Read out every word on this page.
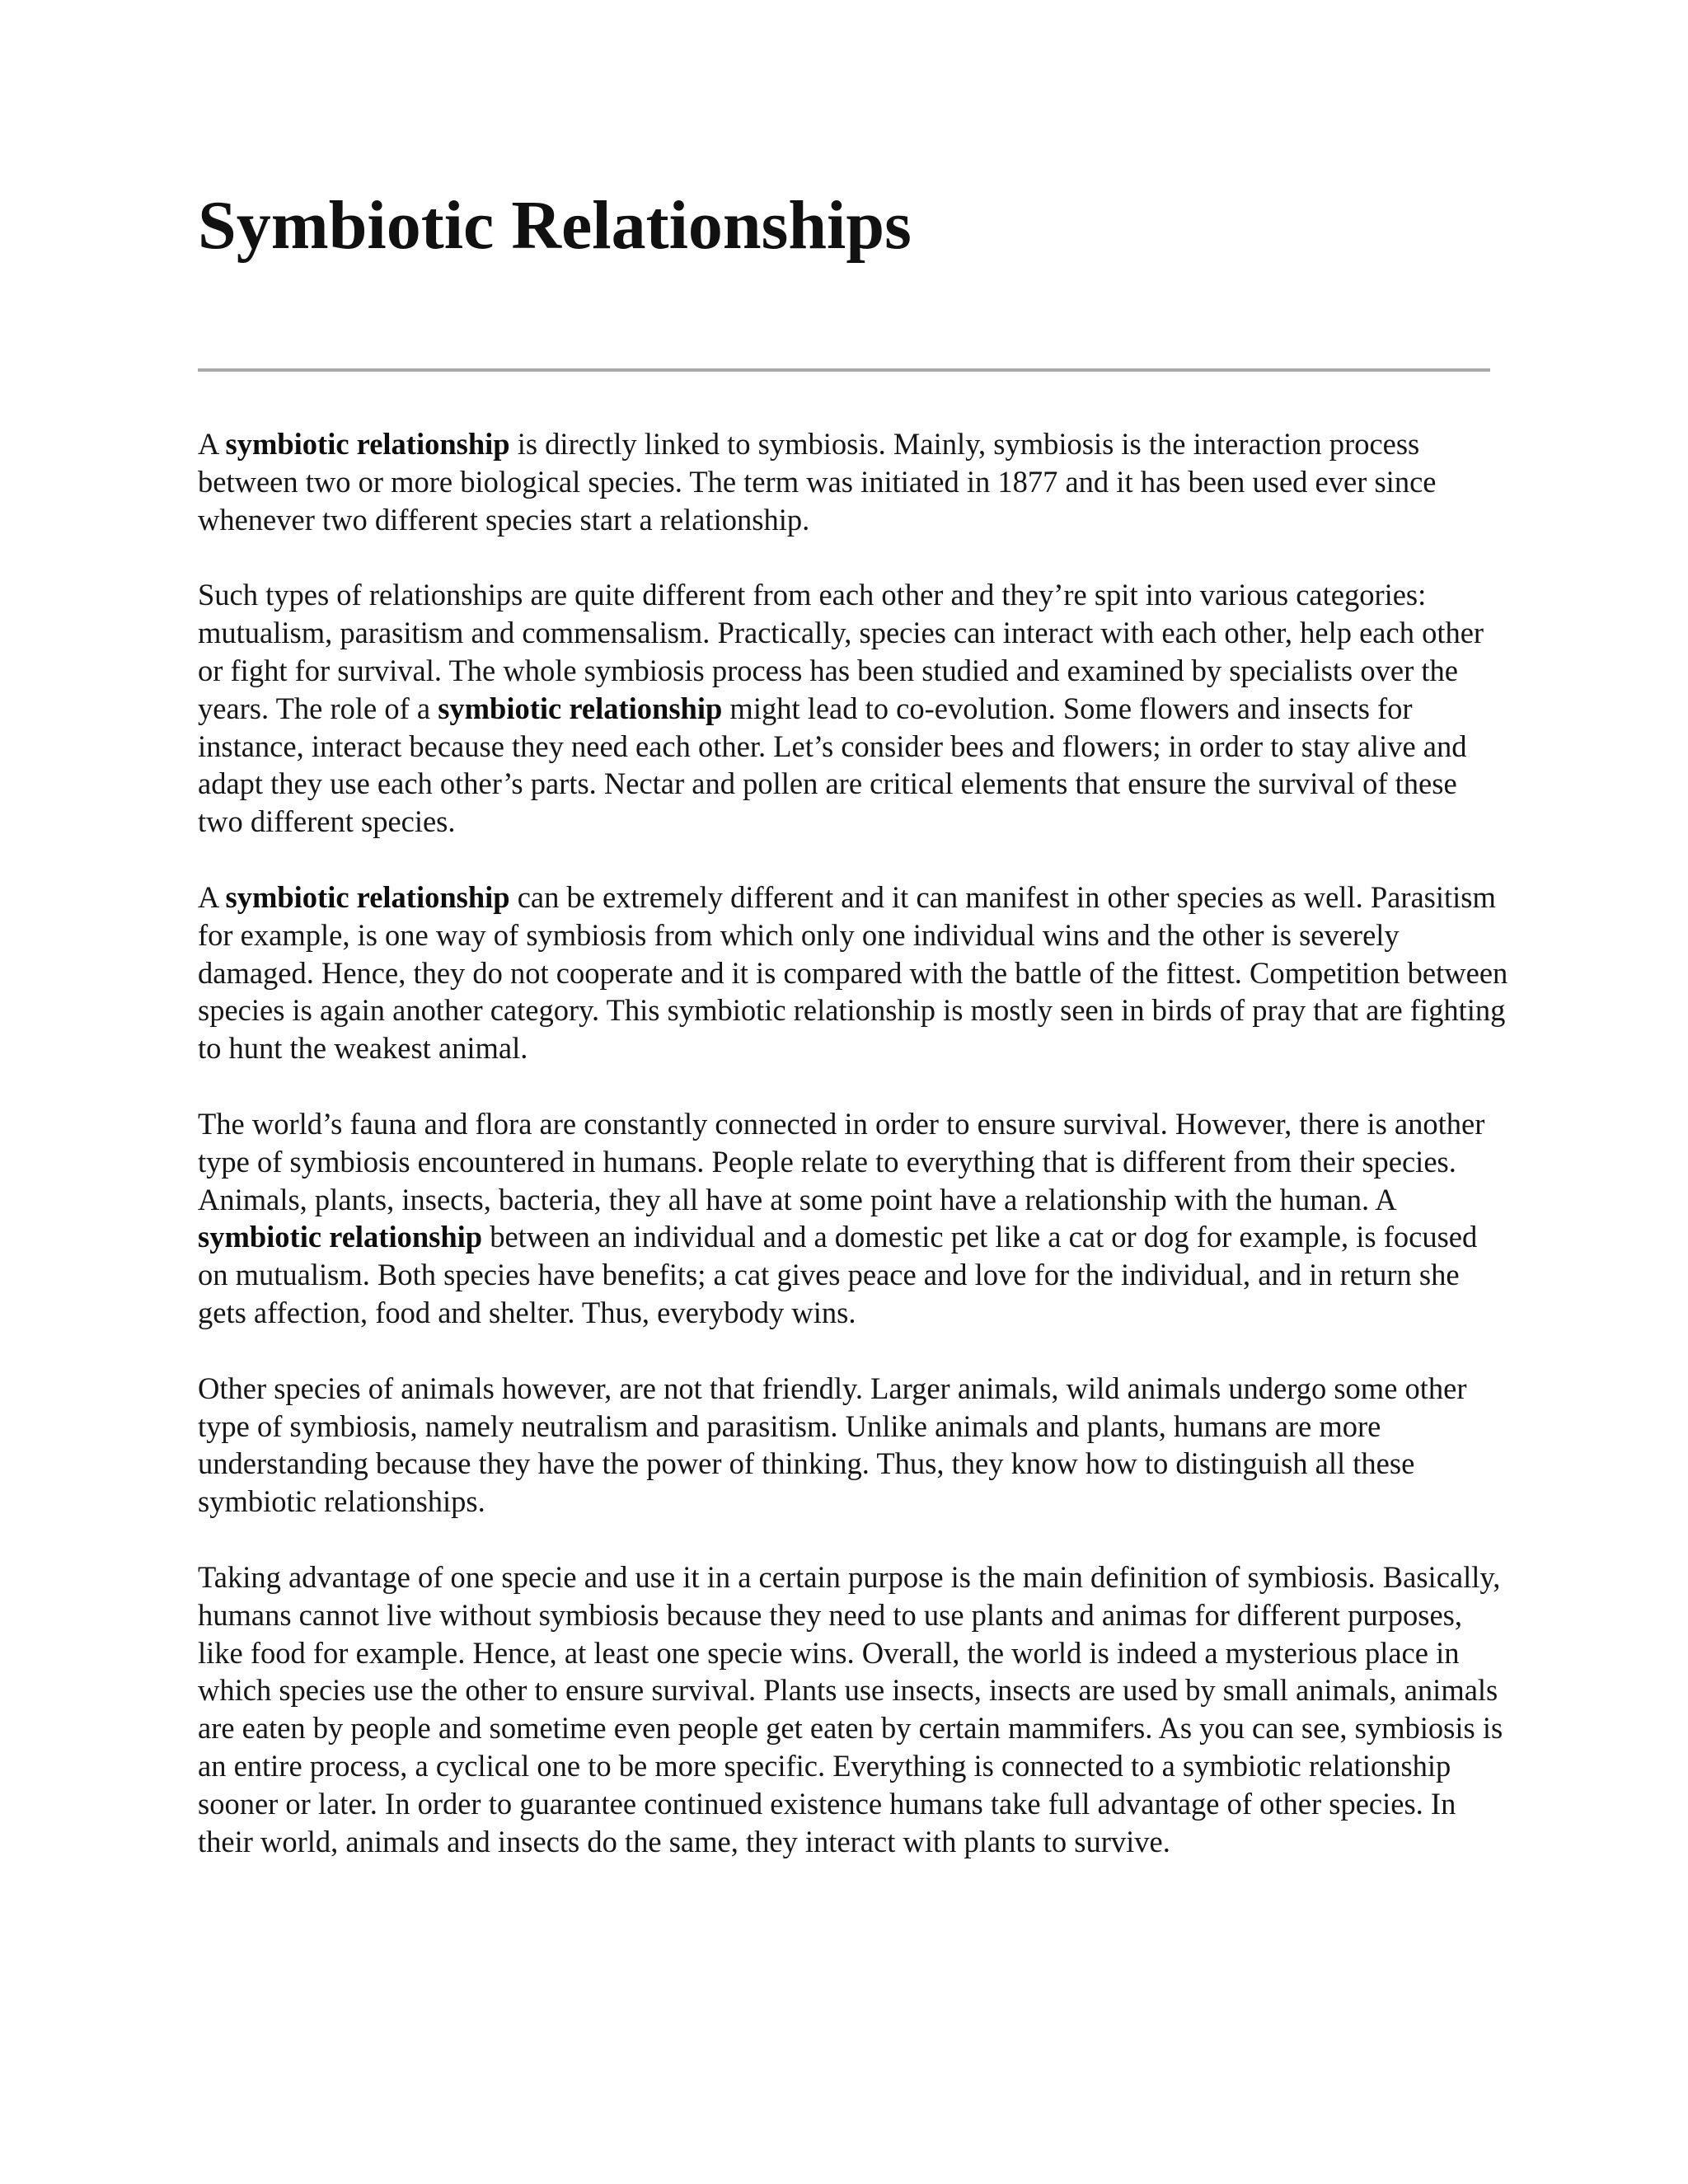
Symbiotic Relationships

A symbiotic relationship is directly linked to symbiosis. Mainly, symbiosis is the interaction process between two or more biological species. The term was initiated in 1877 and it has been used ever since whenever two different species start a relationship.

Such types of relationships are quite different from each other and they’re spit into various categories: mutualism, parasitism and commensalism. Practically, species can interact with each other, help each other or fight for survival. The whole symbiosis process has been studied and examined by specialists over the years. The role of a symbiotic relationship might lead to co-evolution. Some flowers and insects for instance, interact because they need each other. Let’s consider bees and flowers; in order to stay alive and adapt they use each other’s parts. Nectar and pollen are critical elements that ensure the survival of these two different species.

A symbiotic relationship can be extremely different and it can manifest in other species as well. Parasitism for example, is one way of symbiosis from which only one individual wins and the other is severely damaged. Hence, they do not cooperate and it is compared with the battle of the fittest. Competition between species is again another category. This symbiotic relationship is mostly seen in birds of pray that are fighting to hunt the weakest animal.

The world’s fauna and flora are constantly connected in order to ensure survival. However, there is another type of symbiosis encountered in humans. People relate to everything that is different from their species. Animals, plants, insects, bacteria, they all have at some point have a relationship with the human. A symbiotic relationship between an individual and a domestic pet like a cat or dog for example, is focused on mutualism. Both species have benefits; a cat gives peace and love for the individual, and in return she gets affection, food and shelter. Thus, everybody wins.

Other species of animals however, are not that friendly. Larger animals, wild animals undergo some other type of symbiosis, namely neutralism and parasitism. Unlike animals and plants, humans are more understanding because they have the power of thinking. Thus, they know how to distinguish all these symbiotic relationships.

Taking advantage of one specie and use it in a certain purpose is the main definition of symbiosis. Basically, humans cannot live without symbiosis because they need to use plants and animas for different purposes, like food for example. Hence, at least one specie wins. Overall, the world is indeed a mysterious place in which species use the other to ensure survival. Plants use insects, insects are used by small animals, animals are eaten by people and sometime even people get eaten by certain mammifers. As you can see, symbiosis is an entire process, a cyclical one to be more specific. Everything is connected to a symbiotic relationship sooner or later. In order to guarantee continued existence humans take full advantage of other species. In their world, animals and insects do the same, they interact with plants to survive.
